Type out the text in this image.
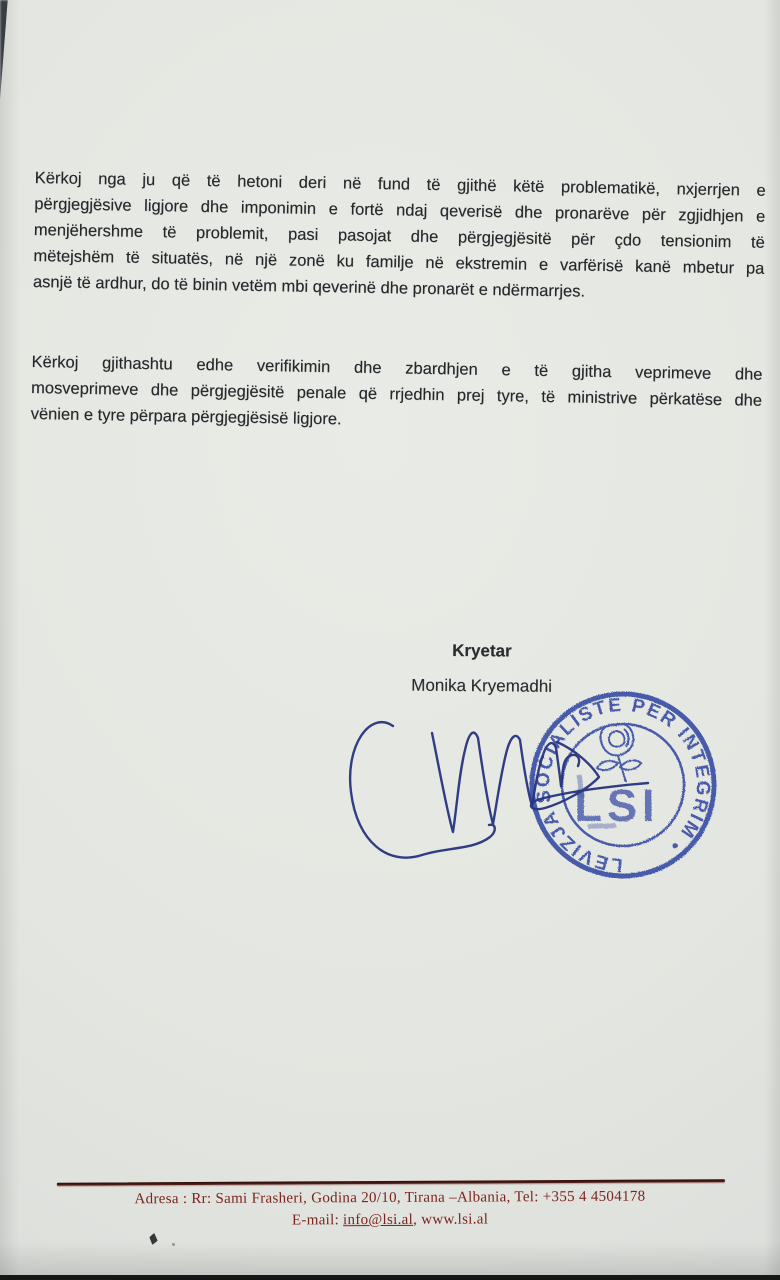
Kërkoj nga ju që të hetoni deri në fund të gjithë këtë problematikë, nxjerrjen e
përgjegjësive ligjore dhe imponimin e fortë ndaj qeverisë dhe pronarëve për zgjidhjen e
menjëhershme të problemit, pasi pasojat dhe përgjegjësitë për çdo tensionim të
mëtejshëm të situatës, në një zonë ku familje në ekstremin e varfërisë kanë mbetur pa
asnjë të ardhur, do të binin vetëm mbi qeverinë dhe pronarët e ndërmarrjes.
Kërkoj gjithashtu edhe verifikimin dhe zbardhjen e të gjitha veprimeve dhe
mosveprimeve dhe përgjegjësitë penale që rrjedhin prej tyre, të ministrive përkatëse dhe
vënien e tyre përpara përgjegjësisë ligjore.
Kryetar
Monika Kryemadhi
LËVIZJA SOCIALISTE PËR INTEGRIM •
LSI
Adresa : Rr: Sami Frasheri, Godina 20/10, Tirana –Albania, Tel: +355 4 4504178
E-mail: info@lsi.al, www.lsi.al
